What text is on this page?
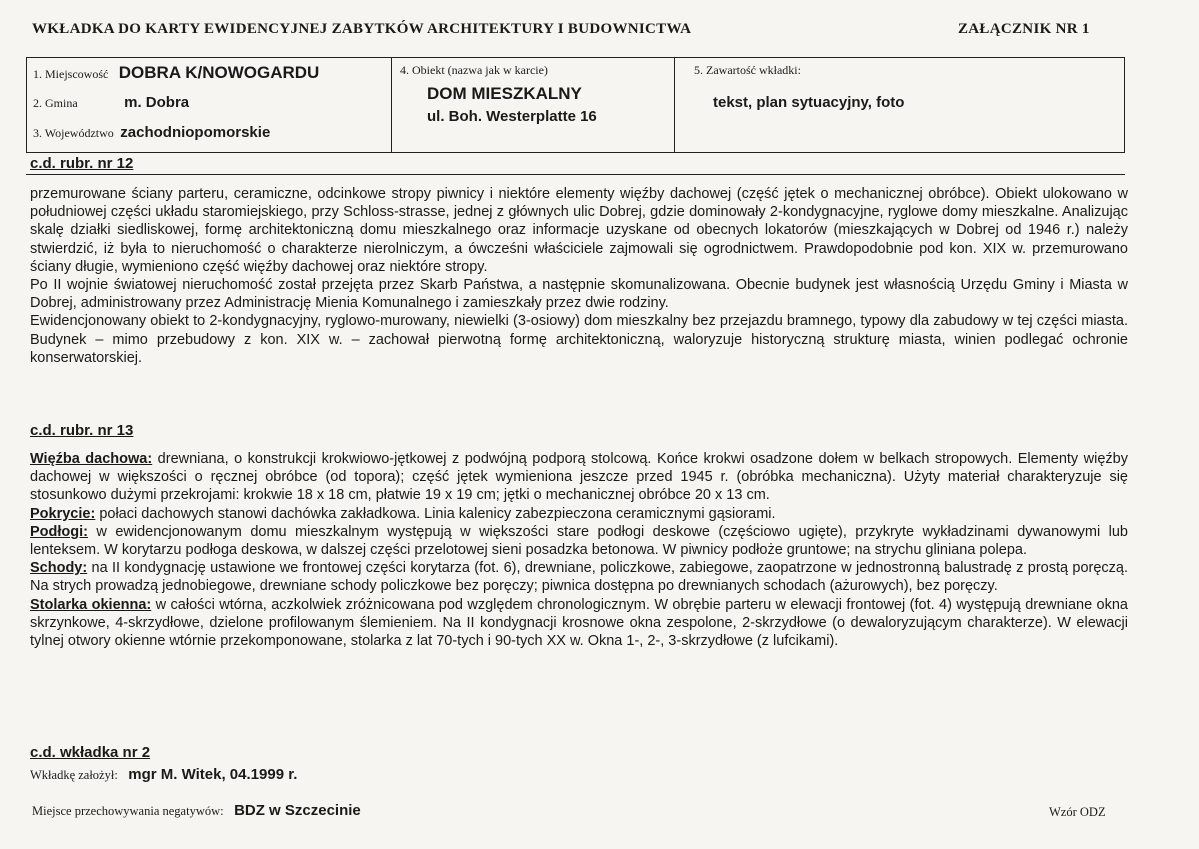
WKŁADKA DO KARTY EWIDENCYJNEJ ZABYTKÓW ARCHITEKTURY I BUDOWNICTWA	ZAŁĄCZNIK NR 1
1. Miejscowość DOBRA K/NOWOGARDU
2. Gmina	m. Dobra
3. Województwo zachodniopomorskie
4. Obiekt (nazwa jak w karcie)
DOM MIESZKALNY
ul. Boh. Westerplatte 16
5. Zawartość wkładki:
tekst, plan sytuacyjny, foto
c.d. rubr. nr 12

przemurowane ściany parteru, ceramiczne, odcinkowe stropy piwnicy i niektóre elementy więźby dachowej (część jętek o mechanicznej obróbce). Obiekt ulokowano w południowej części układu staromiejskiego, przy Schloss-strasse, jednej z głównych ulic Dobrej, gdzie dominowały 2-kondygnacyjne, ryglowe domy mieszkalne. Analizując skalę działki siedliskowej, formę architektoniczną domu mieszkalnego oraz informacje uzyskane od obecnych lokatorów (mieszkających w Dobrej od 1946 r.) należy stwierdzić, iż była to nieruchomość o charakterze nierolniczym, a ówcześni właściciele zajmowali się ogrodnictwem. Prawdopodobnie pod kon. XIX w. przemurowano ściany długie, wymieniono część więźby dachowej oraz niektóre stropy.

Po II wojnie światowej nieruchomość został przejęta przez Skarb Państwa, a następnie skomunalizowana. Obecnie budynek jest własnością Urzędu Gminy i Miasta w Dobrej, administrowany przez Administrację Mienia Komunalnego i zamieszkały przez dwie rodziny.

Ewidencjonowany obiekt to 2-kondygnacyjny, ryglowo-murowany, niewielki (3-osiowy) dom mieszkalny bez przejazdu bramnego, typowy dla zabudowy w tej części miasta. Budynek – mimo przebudowy z kon. XIX w. – zachował pierwotną formę architektoniczną, waloryzuje historyczną strukturę miasta, winien podlegać ochronie konserwatorskiej.

c.d. rubr. nr 13

Więźba dachowa: drewniana, o konstrukcji krokwiowo-jętkowej z podwójną podporą stolcową. Końce krokwi osadzone dołem w belkach stropowych. Elementy więźby dachowej w większości o ręcznej obróbce (od topora); część jętek wymieniona jeszcze przed 1945 r. (obróbka mechaniczna). Użyty materiał charakteryzuje się stosunkowo dużymi przekrojami: krokwie 18 x 18 cm, płatwie 19 x 19 cm; jętki o mechanicznej obróbce 20 x 13 cm.

Pokrycie: połaci dachowych stanowi dachówka zakładkowa. Linia kalenicy zabezpieczona ceramicznymi gąsiorami.

Podłogi: w ewidencjonowanym domu mieszkalnym występują w większości stare podłogi deskowe (częściowo ugięte), przykryte wykładzinami dywanowymi lub lenteksem. W korytarzu podłoga deskowa, w dalszej części przelotowej sieni posadzka betonowa. W piwnicy podłoże gruntowe; na strychu gliniana polepa.

Schody: na II kondygnację ustawione we frontowej części korytarza (fot. 6), drewniane, policzkowe, zabiegowe, zaopatrzone w jednostronną balustradę z prostą poręczą. Na strych prowadzą jednobiegowe, drewniane schody policzkowe bez poręczy; piwnica dostępna po drewnianych schodach (ażurowych), bez poręczy.

Stolarka okienna: w całości wtórna, aczkolwiek zróżnicowana pod względem chronologicznym. W obrębie parteru w elewacji frontowej (fot. 4) występują drewniane okna skrzynkowe, 4-skrzydłowe, dzielone profilowanym ślemieniem. Na II kondygnacji krosnowe okna zespolone, 2-skrzydłowe (o dewaloryzującym charakterze). W elewacji tylnej otwory okienne wtórnie przekomponowane, stolarka z lat 70-tych i 90-tych XX w. Okna 1-, 2-, 3-skrzydłowe (z lufcikami).

c.d. wkładka nr 2
Wkładkę założył: mgr M. Witek, 04.1999 r.
Miejsce przechowywania negatywów: BDZ w Szczecinie	Wzór ODZ
